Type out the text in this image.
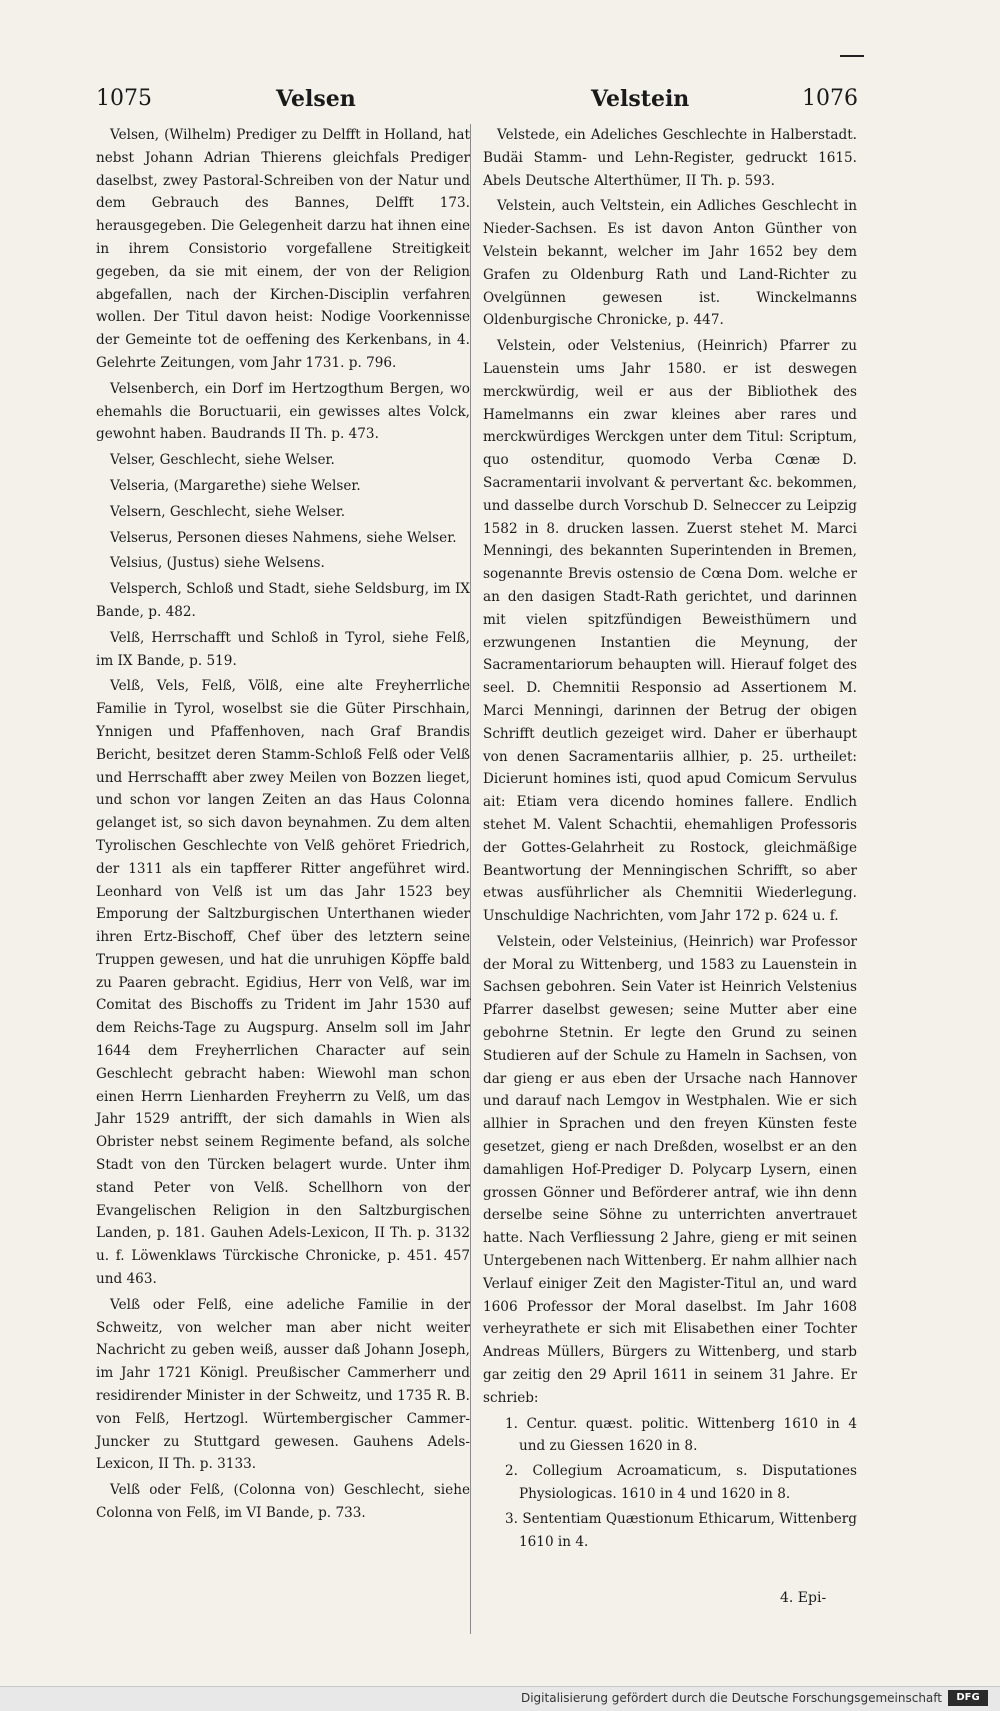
1075	Velsen	Velstein	1076

Velsen, (Wilhelm) Prediger zu Delfft in Holland, hat nebst Johann Adrian Thierens gleichfals Prediger daselbst, zwey Pastoral-Schreiben von der Natur und dem Gebrauch des Bannes, Delfft 173. herausgegeben. Die Gelegenheit darzu hat ihnen eine in ihrem Consistorio vorgefallene Streitigkeit gegeben, da sie mit einem, der von der Religion abgefallen, nach der Kirchen-Disciplin verfahren wollen. Der Titul davon heist: Nodige Voorkennisse der Gemeinte tot de oeffening des Kerkenbans, in 4. Gelehrte Zeitungen, vom Jahr 1731. p. 796.

Velsenberch, ein Dorf im Hertzogthum Bergen, wo ehemahls die Boructuarii, ein gewisses altes Volck, gewohnt haben. Baudrands II Th. p. 473.

Velser, Geschlecht, siehe Welser.

Velseria, (Margarethe) siehe Welser.

Velsern, Geschlecht, siehe Welser.

Velserus, Personen dieses Nahmens, siehe Welser.

Velsius, (Justus) siehe Welsens.

Velsperch, Schloß und Stadt, siehe Seldsburg, im IX Bande, p. 482.

Velß, Herrschafft und Schloß in Tyrol, siehe Felß, im IX Bande, p. 519.

Velß, Vels, Felß, Völß, eine alte Freyherrliche Familie in Tyrol, woselbst sie die Güter Pirschhain, Ynnigen und Pfaffenhoven, nach Graf Brandis Bericht, besitzet deren Stamm-Schloß Felß oder Velß und Herrschafft aber zwey Meilen von Bozzen lieget, und schon vor langen Zeiten an das Haus Colonna gelanget ist, so sich davon beynahmen. Zu dem alten Tyrolischen Geschlechte von Velß gehöret Friedrich, der 1311 als ein tapfferer Ritter angeführet wird. Leonhard von Velß ist um das Jahr 1523 bey Emporung der Saltzburgischen Unterthanen wieder ihren Ertz-Bischoff, Chef über des letztern seine Truppen gewesen, und hat die unruhigen Köpffe bald zu Paaren gebracht. Egidius, Herr von Velß, war im Comitat des Bischoffs zu Trident im Jahr 1530 auf dem Reichs-Tage zu Augspurg. Anselm soll im Jahr 1644 dem Freyherrlichen Character auf sein Geschlecht gebracht haben: Wiewohl man schon einen Herrn Lienharden Freyherrn zu Velß, um das Jahr 1529 antrifft, der sich damahls in Wien als Obrister nebst seinem Regimente befand, als solche Stadt von den Türcken belagert wurde. Unter ihm stand Peter von Velß. Schellhorn von der Evangelischen Religion in den Saltzburgischen Landen, p. 181. Gauhen Adels-Lexicon, II Th. p. 3132 u. f. Löwenklaws Türckische Chronicke, p. 451. 457 und 463.

Velß oder Felß, eine adeliche Familie in der Schweitz, von welcher man aber nicht weiter Nachricht zu geben weiß, ausser daß Johann Joseph, im Jahr 1721 Königl. Preußischer Cammerherr und residirender Minister in der Schweitz, und 1735 R. B. von Felß, Hertzogl. Würtembergischer Cammer-Juncker zu Stuttgard gewesen. Gauhens Adels-Lexicon, II Th. p. 3133.

Velß oder Felß, (Colonna von) Geschlecht, siehe Colonna von Felß, im VI Bande, p. 733.

Velstede, ein Adeliches Geschlechte in Halberstadt. Budäi Stamm- und Lehn-Register, gedruckt 1615. Abels Deutsche Alterthümer, II Th. p. 593.

Velstein, auch Veltstein, ein Adliches Geschlecht in Nieder-Sachsen. Es ist davon Anton Günther von Velstein bekannt, welcher im Jahr 1652 bey dem Grafen zu Oldenburg Rath und Land-Richter zu Ovelgünnen gewesen ist. Winckelmanns Oldenburgische Chronicke, p. 447.

Velstein, oder Velstenius, (Heinrich) Pfarrer zu Lauenstein ums Jahr 1580. er ist deswegen merckwürdig, weil er aus der Bibliothek des Hamelmanns ein zwar kleines aber rares und merckwürdiges Werckgen unter dem Titul: Scriptum, quo ostenditur, quomodo Verba Cœnæ D. Sacramentarii involvant & pervertant &c. bekommen, und dasselbe durch Vorschub D. Selneccer zu Leipzig 1582 in 8. drucken lassen. Zuerst stehet M. Marci Menningi, des bekannten Superintenden in Bremen, sogenannte Brevis ostensio de Cœna Dom. welche er an den dasigen Stadt-Rath gerichtet, und darinnen mit vielen spitzfündigen Beweisthümern und erzwungenen Instantien die Meynung, der Sacramentariorum behaupten will. Hierauf folget des seel. D. Chemnitii Responsio ad Assertionem M. Marci Menningi, darinnen der Betrug der obigen Schrifft deutlich gezeiget wird. Daher er überhaupt von denen Sacramentariis allhier, p. 25. urtheilet: Dicierunt homines isti, quod apud Comicum Servulus ait: Etiam vera dicendo homines fallere. Endlich stehet M. Valent Schachtii, ehemahligen Professoris der Gottes-Gelahrheit zu Rostock, gleichmäßige Beantwortung der Menningischen Schrifft, so aber etwas ausführlicher als Chemnitii Wiederlegung. Unschuldige Nachrichten, vom Jahr 172 p. 624 u. f.

Velstein, oder Velsteinius, (Heinrich) war Professor der Moral zu Wittenberg, und 1583 zu Lauenstein in Sachsen gebohren. Sein Vater ist Heinrich Velstenius Pfarrer daselbst gewesen; seine Mutter aber eine gebohrne Stetnin. Er legte den Grund zu seinen Studieren auf der Schule zu Hameln in Sachsen, von dar gieng er aus eben der Ursache nach Hannover und darauf nach Lemgov in Westphalen. Wie er sich allhier in Sprachen und den freyen Künsten feste gesetzet, gieng er nach Dreßden, woselbst er an den damahligen Hof-Prediger D. Polycarp Lysern, einen grossen Gönner und Beförderer antraf, wie ihn denn derselbe seine Söhne zu unterrichten anvertrauet hatte. Nach Verfliessung 2 Jahre, gieng er mit seinen Untergebenen nach Wittenberg. Er nahm allhier nach Verlauf einiger Zeit den Magister-Titul an, und ward 1606 Professor der Moral daselbst. Im Jahr 1608 verheyrathete er sich mit Elisabethen einer Tochter Andreas Müllers, Bürgers zu Wittenberg, und starb gar zeitig den 29 April 1611 in seinem 31 Jahre. Er schrieb:

1. Centur. quæst. politic. Wittenberg 1610 in 4 und zu Giessen 1620 in 8.
2. Collegium Acroamaticum, s. Disputationes Physiologicas. 1610 in 4 und 1620 in 8.
3. Sententiam Quæstionum Ethicarum, Wittenberg 1610 in 4.
4. Epi-
Digitalisierung gefördert durch die Deutsche Forschungsgemeinschaft	DFG
